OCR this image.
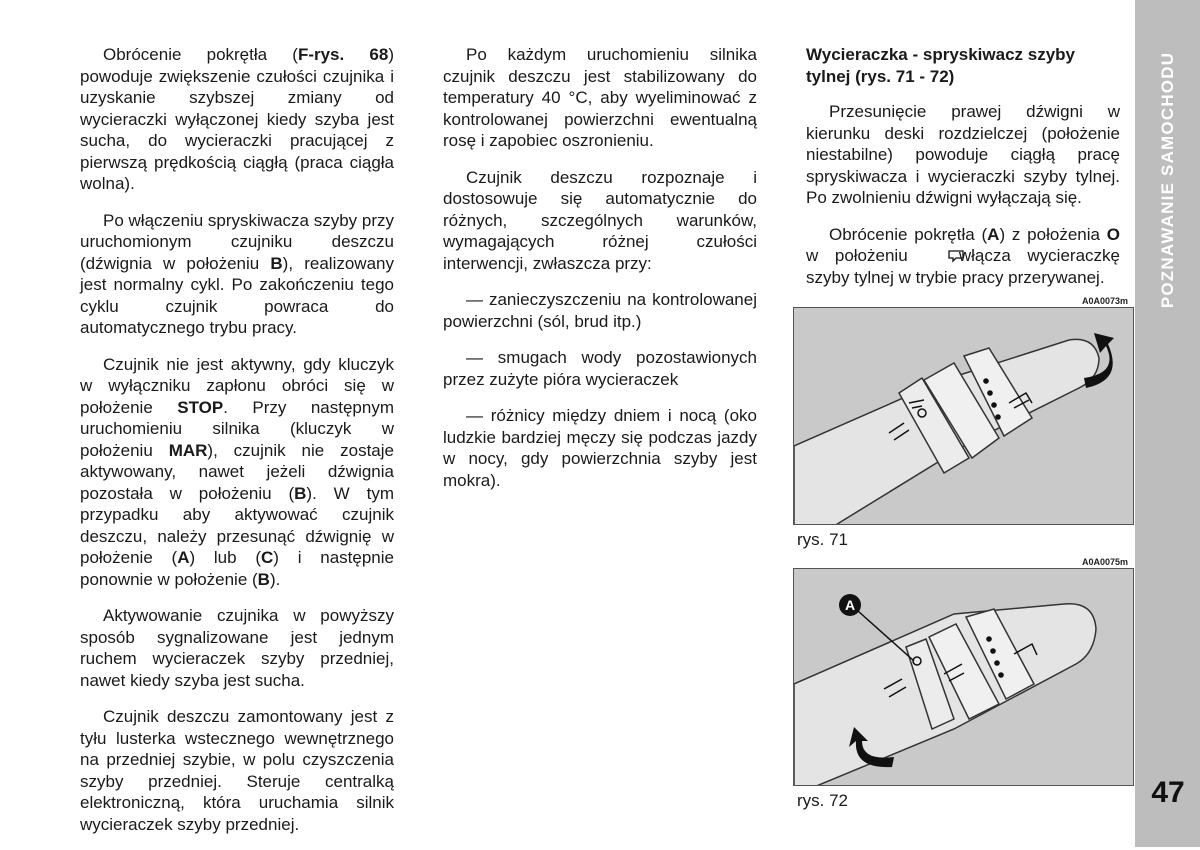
Obrócenie pokrętła (F-rys. 68) powoduje zwiększenie czułości czujnika i uzyskanie szybszej zmiany od wycieraczki wyłączonej kiedy szyba jest sucha, do wycieraczki pracującej z pierwszą prędkością ciągłą (praca ciągła wolna).

Po włączeniu spryskiwacza szyby przy uruchomionym czujniku deszczu (dźwignia w położeniu B), realizowany jest normalny cykl. Po zakończeniu tego cyklu czujnik powraca do automatycznego trybu pracy.

Czujnik nie jest aktywny, gdy kluczyk w wyłączniku zapłonu obróci się w położenie STOP. Przy następnym uruchomieniu silnika (kluczyk w położeniu MAR), czujnik nie zostaje aktywowany, nawet jeżeli dźwignia pozostała w położeniu (B). W tym przypadku aby aktywować czujnik deszczu, należy przesunąć dźwignię w położenie (A) lub (C) i następnie ponownie w położenie (B).

Aktywowanie czujnika w powyższy sposób sygnalizowane jest jednym ruchem wycieraczek szyby przedniej, nawet kiedy szyba jest sucha.

Czujnik deszczu zamontowany jest z tyłu lusterka wstecznego wewnętrznego na przedniej szybie, w polu czyszczenia szyby przedniej. Steruje centralką elektroniczną, która uruchamia silnik wycieraczek szyby przedniej.

Po każdym uruchomieniu silnika czujnik deszczu jest stabilizowany do temperatury 40 °C, aby wyeliminować z kontrolowanej powierzchni ewentualną rosę i zapobiec oszronieniu.

Czujnik deszczu rozpoznaje i dostosowuje się automatycznie do różnych, szczególnych warunków, wymagających różnej czułości interwencji, zwłaszcza przy:

— zanieczyszczeniu na kontrolowanej powierzchni (sól, brud itp.)

— smugach wody pozostawionych przez zużyte pióra wycieraczek

— różnicy między dniem i nocą (oko ludzkie bardziej męczy się podczas jazdy w nocy, gdy powierzchnia szyby jest mokra).

Wycieraczka - spryskiwacz szyby tylnej (rys. 71 - 72)

Przesunięcie prawej dźwigni w kierunku deski rozdzielczej (położenie niestabilne) powoduje ciągłą pracę spryskiwacza i wycieraczki szyby tylnej. Po zwolnieniu dźwigni wyłączają się.

Obrócenie pokrętła (A) z położenia O w położeniu  włącza wycieraczkę szyby tylnej w trybie pracy przerywanej.

A0A0073m
rys. 71
A0A0075m
A
rys. 72
POZNAWANIE SAMOCHODU
47
